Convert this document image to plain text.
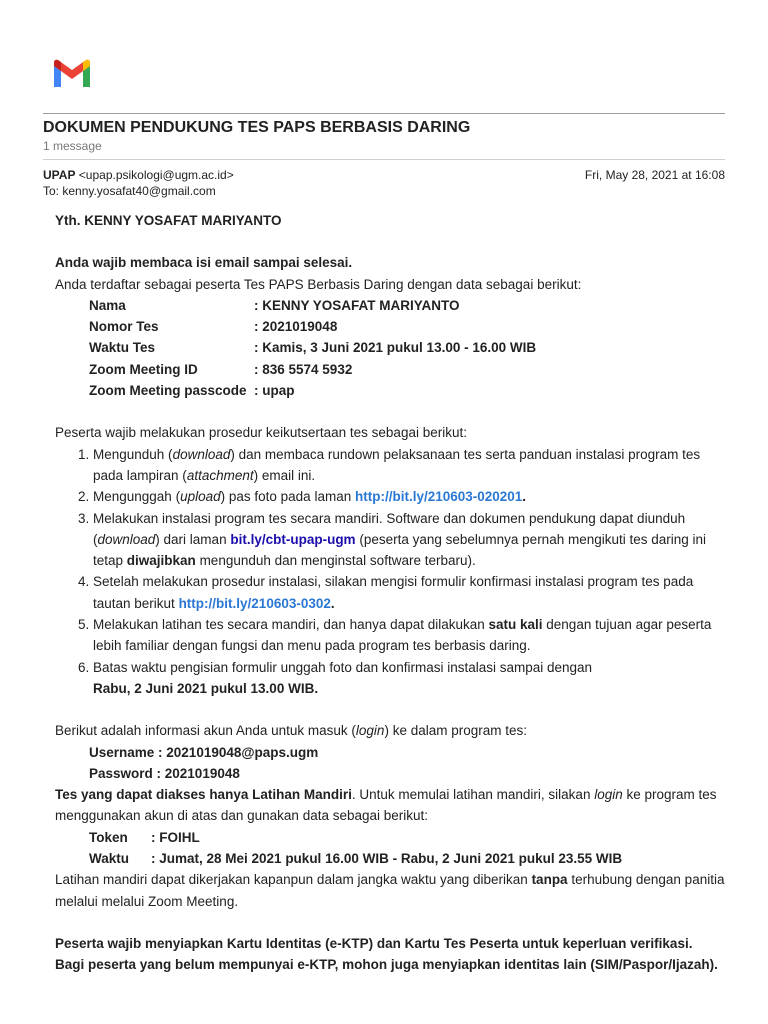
DOKUMEN PENDUKUNG TES PAPS BERBASIS DARING
1 message
UPAP <upap.psikologi@ugm.ac.id>
To: kenny.yosafat40@gmail.com
Fri, May 28, 2021 at 16:08

Yth. KENNY YOSAFAT MARIYANTO

Anda wajib membaca isi email sampai selesai.

Anda terdaftar sebagai peserta Tes PAPS Berbasis Daring dengan data sebagai berikut:

Nama	: KENNY YOSAFAT MARIYANTO
Nomor Tes	: 2021019048
Waktu Tes	: Kamis, 3 Juni 2021 pukul 13.00 - 16.00 WIB
Zoom Meeting ID	: 836 5574 5932
Zoom Meeting passcode : upap

Peserta wajib melakukan prosedur keikutsertaan tes sebagai berikut:

1. Mengunduh (download) dan membaca rundown pelaksanaan tes serta panduan instalasi program tes pada lampiran (attachment) email ini.
2. Mengunggah (upload) pas foto pada laman http://bit.ly/210603-020201.
3. Melakukan instalasi program tes secara mandiri. Software dan dokumen pendukung dapat diunduh (download) dari laman bit.ly/cbt-upap-ugm (peserta yang sebelumnya pernah mengikuti tes daring ini tetap diwajibkan mengunduh dan menginstal software terbaru).
4. Setelah melakukan prosedur instalasi, silakan mengisi formulir konfirmasi instalasi program tes pada tautan berikut http://bit.ly/210603-0302.
5. Melakukan latihan tes secara mandiri, dan hanya dapat dilakukan satu kali dengan tujuan agar peserta lebih familiar dengan fungsi dan menu pada program tes berbasis daring.
6. Batas waktu pengisian formulir unggah foto dan konfirmasi instalasi sampai dengan
Rabu, 2 Juni 2021 pukul 13.00 WIB.

Berikut adalah informasi akun Anda untuk masuk (login) ke dalam program tes:

Username : 2021019048@paps.ugm
Password : 2021019048

Tes yang dapat diakses hanya Latihan Mandiri. Untuk memulai latihan mandiri, silakan login ke program tes menggunakan akun di atas dan gunakan data sebagai berikut:

Token	: FOIHL
Waktu	: Jumat, 28 Mei 2021 pukul 16.00 WIB - Rabu, 2 Juni 2021 pukul 23.55 WIB

Latihan mandiri dapat dikerjakan kapanpun dalam jangka waktu yang diberikan tanpa terhubung dengan panitia melalui melalui Zoom Meeting.

Peserta wajib menyiapkan Kartu Identitas (e-KTP) dan Kartu Tes Peserta untuk keperluan verifikasi. Bagi peserta yang belum mempunyai e-KTP, mohon juga menyiapkan identitas lain (SIM/Paspor/Ijazah).
